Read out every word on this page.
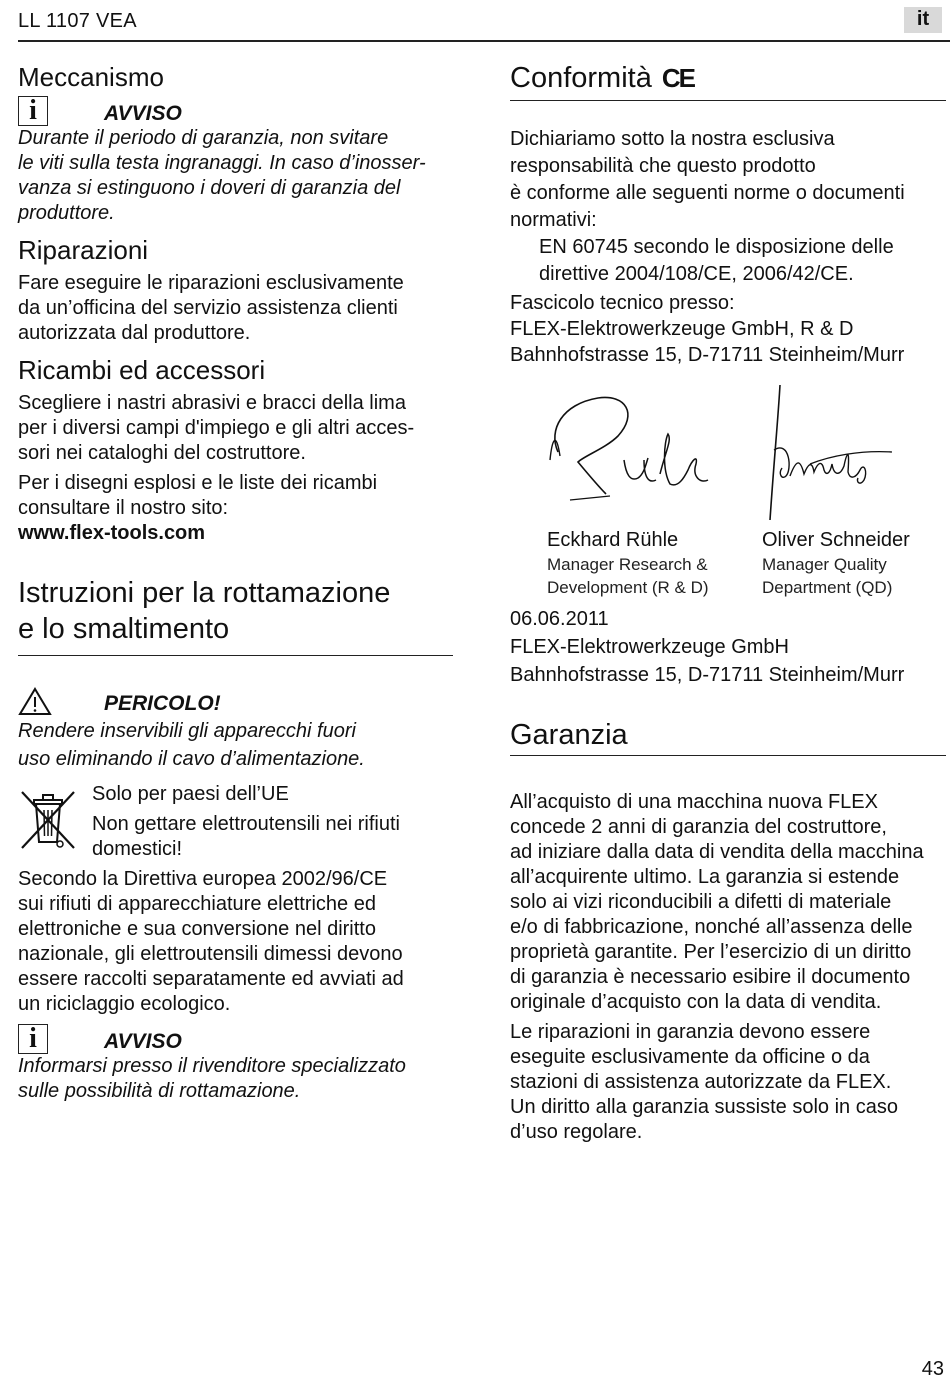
LL 1107 VEA	it
Meccanismo
i	AVVISO
Durante il periodo di garanzia, non svitare
le viti sulla testa ingranaggi. In caso d’inosser-
vanza si estinguono i doveri di garanzia del
produttore.
Riparazioni
Fare eseguire le riparazioni esclusivamente
da un’officina del servizio assistenza clienti
autorizzata dal produttore.
Ricambi ed accessori
Scegliere i nastri abrasivi e bracci della lima
per i diversi campi d'impiego e gli altri acces-
sori nei cataloghi del costruttore.
Per i disegni esplosi e le liste dei ricambi
consultare il nostro sito:
www.flex-tools.com
Istruzioni per la rottamazione
e lo smaltimento
PERICOLO!
Rendere inservibili gli apparecchi fuori
uso eliminando il cavo d’alimentazione.
Solo per paesi dell’UE
Non gettare elettroutensili nei rifiuti
domestici!
Secondo la Direttiva europea 2002/96/CE
sui rifiuti di apparecchiature elettriche ed
elettroniche e sua conversione nel diritto
nazionale, gli elettroutensili dimessi devono
essere raccolti separatamente ed avviati ad
un riciclaggio ecologico.
i	AVVISO
Informarsi presso il rivenditore specializzato
sulle possibilità di rottamazione.
Conformità CE
Dichiariamo sotto la nostra esclusiva
responsabilità che questo prodotto
è conforme alle seguenti norme o documenti
normativi:
EN 60745 secondo le disposizione delle
direttive 2004/108/CE, 2006/42/CE.
Fascicolo tecnico presso:
FLEX-Elektrowerkzeuge GmbH, R & D
Bahnhofstrasse 15, D-71711 Steinheim/Murr
Eckhard Rühle
Manager Research &
Development (R & D)
Oliver Schneider
Manager Quality
Department (QD)
06.06.2011
FLEX-Elektrowerkzeuge GmbH
Bahnhofstrasse 15, D-71711 Steinheim/Murr
Garanzia
All’acquisto di una macchina nuova FLEX
concede 2 anni di garanzia del costruttore,
ad iniziare dalla data di vendita della macchina
all’acquirente ultimo. La garanzia si estende
solo ai vizi riconducibili a difetti di materiale
e/o di fabbricazione, nonché all’assenza delle
proprietà garantite. Per l’esercizio di un diritto
di garanzia è necessario esibire il documento
originale d’acquisto con la data di vendita.
Le riparazioni in garanzia devono essere
eseguite esclusivamente da officine o da
stazioni di assistenza autorizzate da FLEX.
Un diritto alla garanzia sussiste solo in caso
d’uso regolare.
43
